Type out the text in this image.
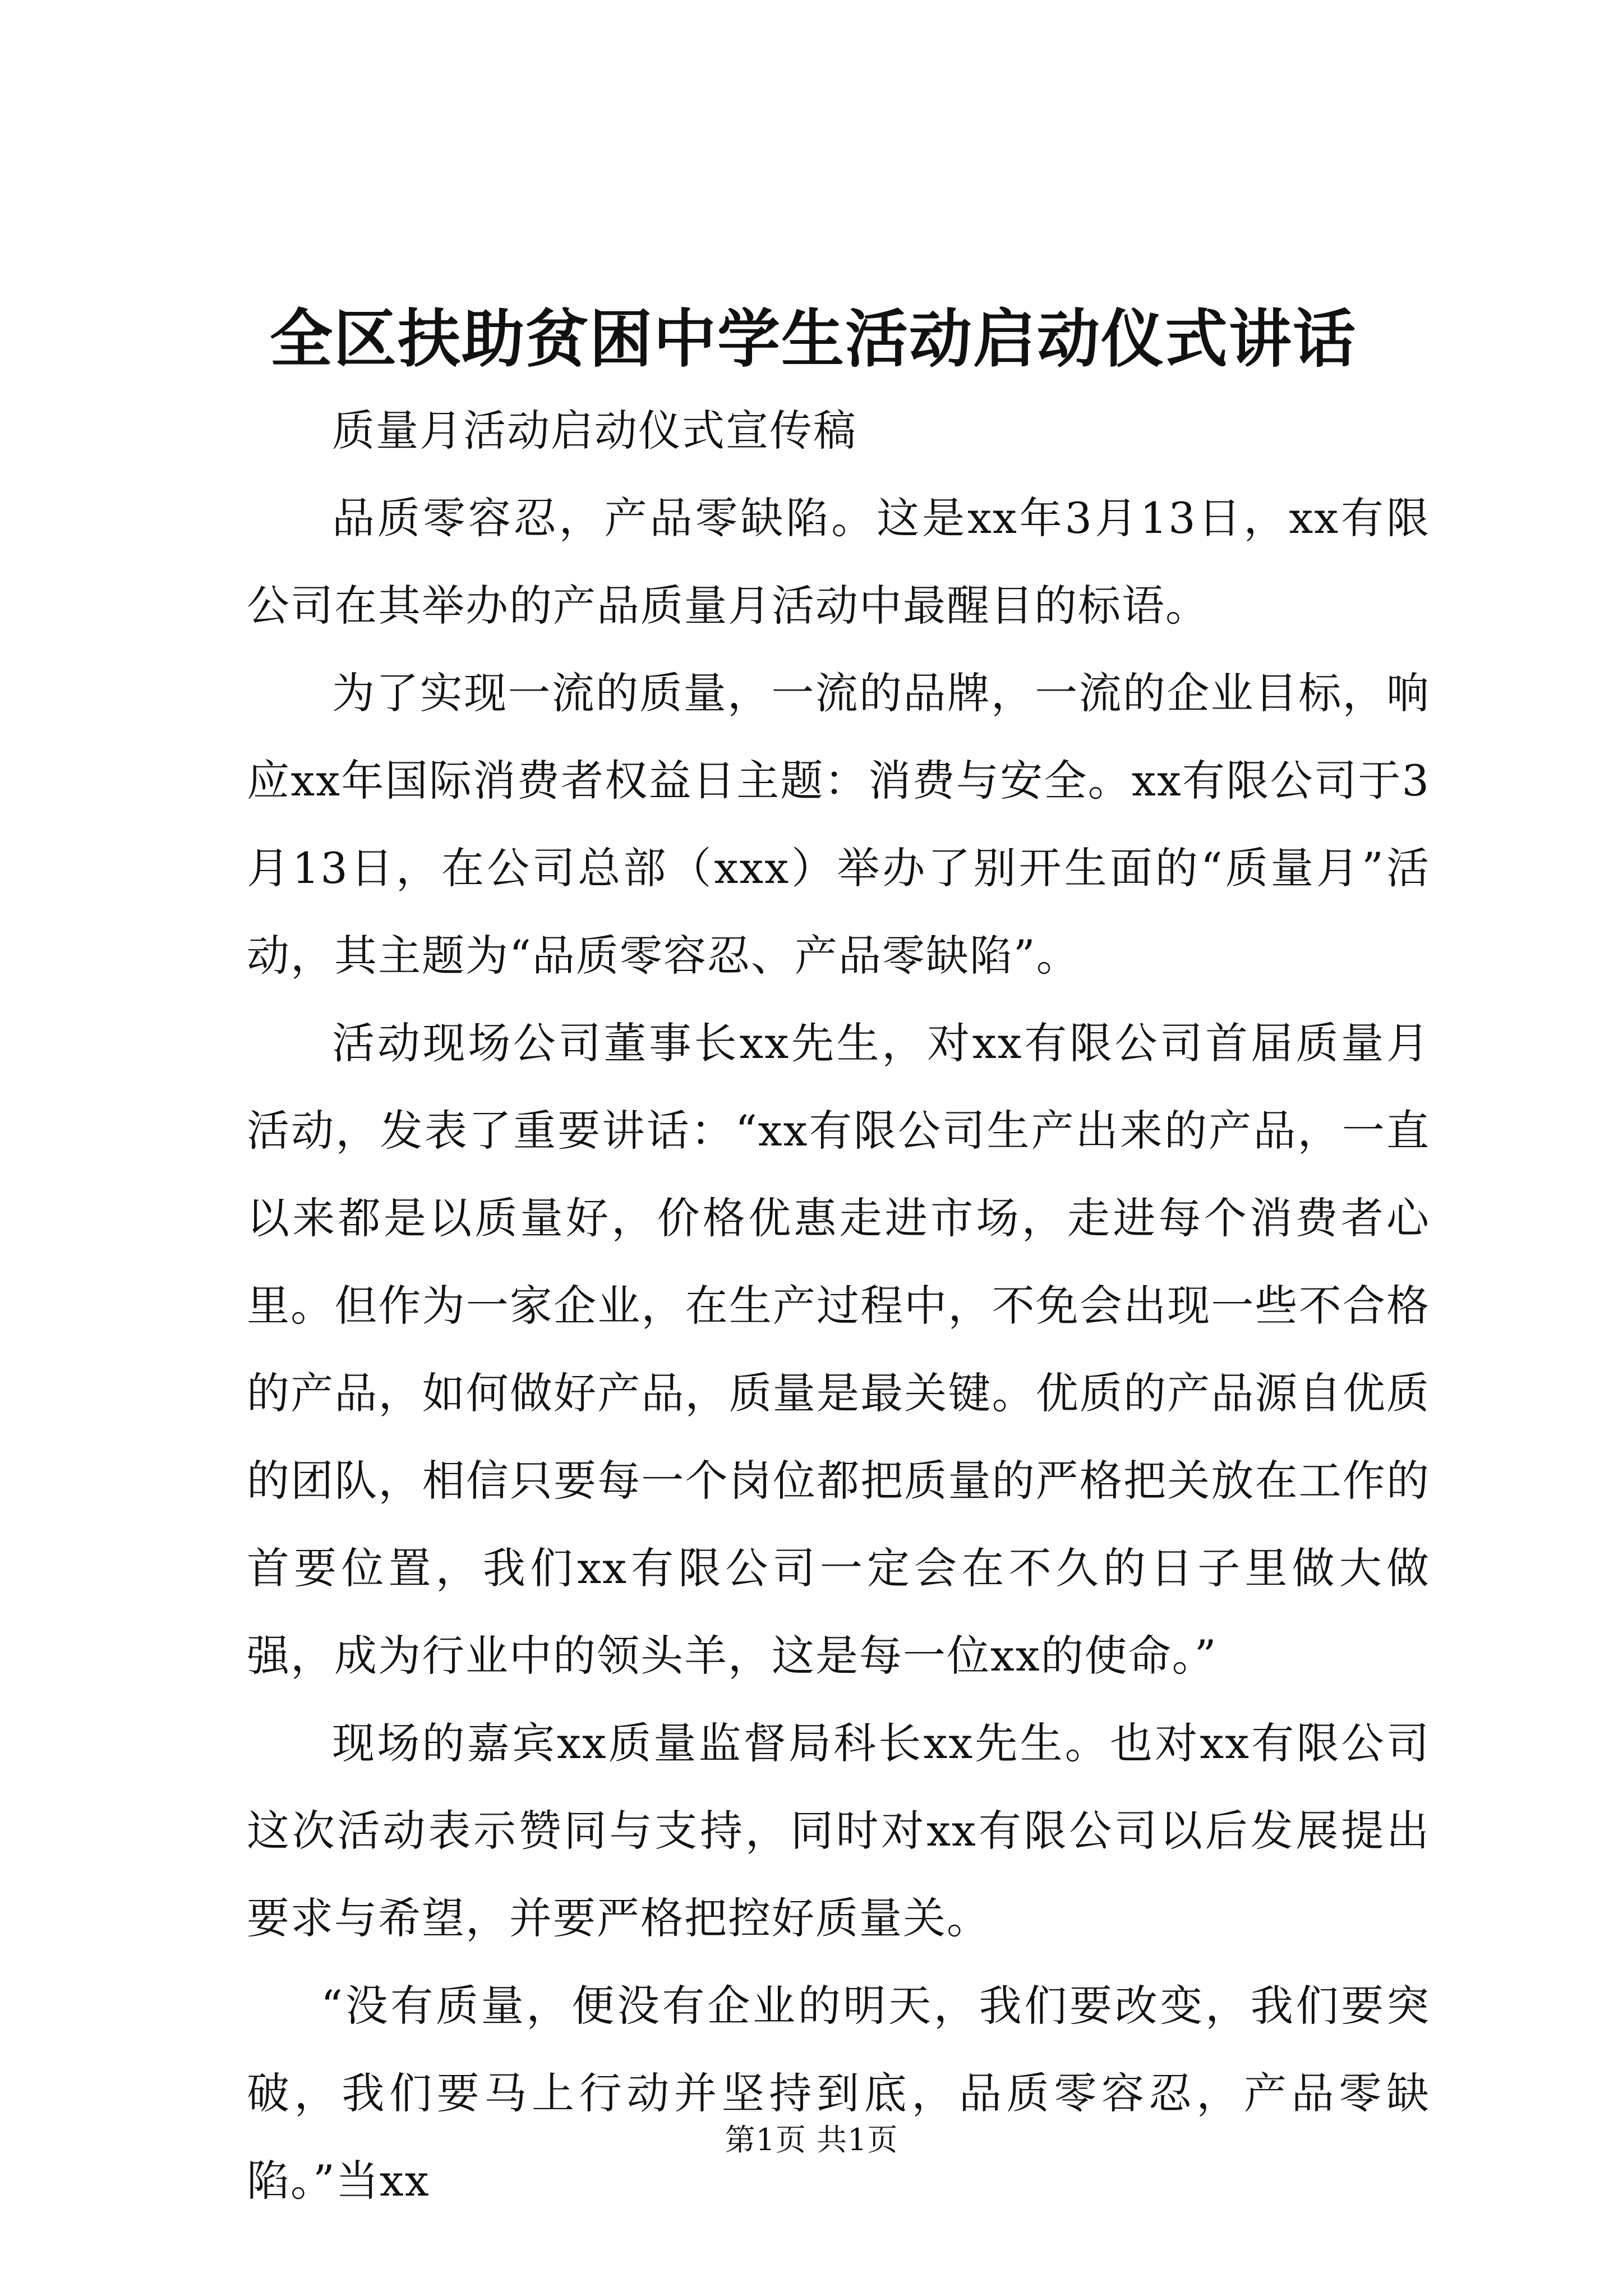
全区扶助贫困中学生活动启动仪式讲话

质量月活动启动仪式宣传稿

品质零容忍，产品零缺陷。这是xx年3月13日，xx有限公司在其举办的产品质量月活动中最醒目的标语。

为了实现一流的质量，一流的品牌，一流的企业目标，响应xx年国际消费者权益日主题：消费与安全。xx有限公司于3月13日，在公司总部（xxx）举办了别开生面的“质量月”活动，其主题为“品质零容忍、产品零缺陷”。

活动现场公司董事长xx先生，对xx有限公司首届质量月活动，发表了重要讲话：“xx有限公司生产出来的产品，一直以来都是以质量好，价格优惠走进市场，走进每个消费者心里。但作为一家企业，在生产过程中，不免会出现一些不合格的产品，如何做好产品，质量是最关键。优质的产品源自优质的团队，相信只要每一个岗位都把质量的严格把关放在工作的首要位置，我们xx有限公司一定会在不久的日子里做大做强，成为行业中的领头羊，这是每一位xx的使命。”

现场的嘉宾xx质量监督局科长xx先生。也对xx有限公司这次活动表示赞同与支持，同时对xx有限公司以后发展提出要求与希望，并要严格把控好质量关。

“没有质量，便没有企业的明天，我们要改变，我们要突破，我们要马上行动并坚持到底，品质零容忍，产品零缺陷。”当xx

第1页 共1页
